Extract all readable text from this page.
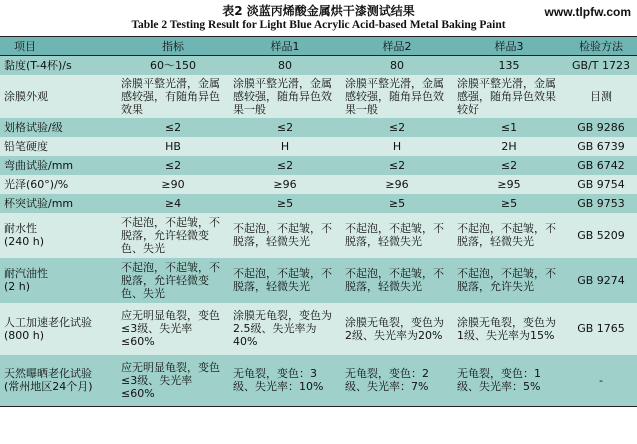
表2 淡蓝丙烯酸金属烘干漆测试结果
Table 2 Testing Result for Light Blue Acrylic Acid-based Metal Baking Paint
www.tlpfw.com
项目	指标	样品1	样品2	样品3	检验方法
黏度(T-4杯)/s	60～150	80	80	135	GB/T 1723
涂膜外观	涂膜平整光滑，金属感较强，有随角异色效果	涂膜平整光滑，金属感较强，随角异色效果一般	涂膜平整光滑，金属感较强，随角异色效果一般	涂膜平整光滑，金属感强，随角异色效果较好	目测
划格试验/级	≤2	≤2	≤2	≤1	GB 9286
铅笔硬度	HB	H	H	2H	GB 6739
弯曲试验/mm	≤2	≤2	≤2	≤2	GB 6742
光泽(60°)/%	≥90	≥96	≥96	≥95	GB 9754
杯突试验/mm	≥4	≥5	≥5	≥5	GB 9753
耐水性
(240 h)	不起泡，不起皱，不脱落，允许轻微变色、失光	不起泡，不起皱，不脱落，轻微失光	不起泡，不起皱，不脱落，轻微失光	不起泡，不起皱，不脱落，轻微失光	GB 5209
耐汽油性
(2 h)	不起泡，不起皱，不脱落，允许轻微变色、失光	不起泡，不起皱，不脱落，轻微失光	不起泡，不起皱，不脱落，轻微失光	不起泡，不起皱，不脱落，允许失光	GB 9274
人工加速老化试验
(800 h)	应无明显龟裂，变色≤3级、失光率≤60%	涂膜无龟裂，变色为2.5级、失光率为40%	涂膜无龟裂，变色为2级、失光率为20%	涂膜无龟裂，变色为1级、失光率为15%	GB 1765
天然曝晒老化试验
(常州地区24个月)	应无明显龟裂，变色≤3级、失光率≤60%	无龟裂，变色：3级、失光率：10%	无龟裂，变色：2级、失光率：7%	无龟裂，变色：1级、失光率：5%	-
